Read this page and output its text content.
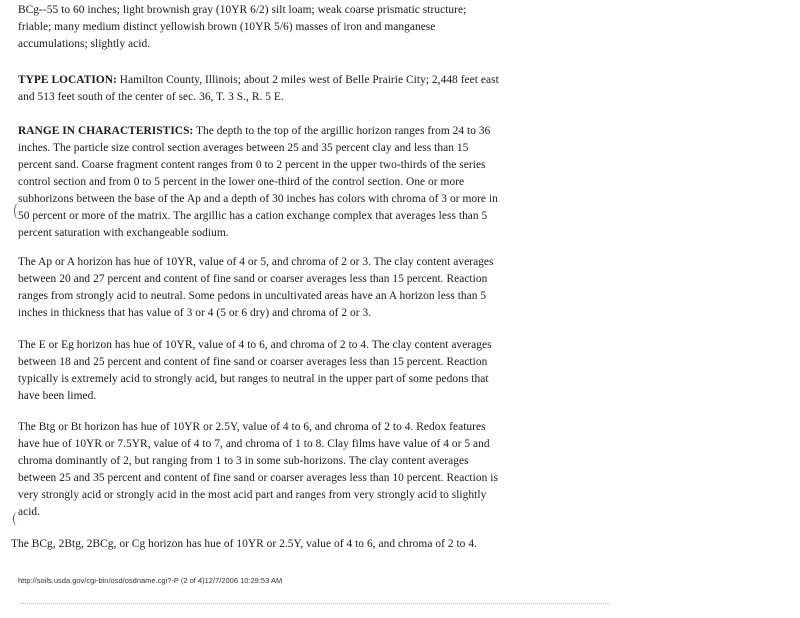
BCg--55 to 60 inches; light brownish gray (10YR 6/2) silt loam; weak coarse prismatic structure;
friable; many medium distinct yellowish brown (10YR 5/6) masses of iron and manganese
accumulations; slightly acid.
TYPE LOCATION: Hamilton County, Illinois; about 2 miles west of Belle Prairie City; 2,448 feet east
and 513 feet south of the center of sec. 36, T. 3 S., R. 5 E.
RANGE IN CHARACTERISTICS: The depth to the top of the argillic horizon ranges from 24 to 36
inches. The particle size control section averages between 25 and 35 percent clay and less than 15
percent sand. Coarse fragment content ranges from 0 to 2 percent in the upper two-thirds of the series
control section and from 0 to 5 percent in the lower one-third of the control section. One or more
subhorizons between the base of the Ap and a depth of 30 inches has colors with chroma of 3 or more in
50 percent or more of the matrix. The argillic has a cation exchange complex that averages less than 5
percent saturation with exchangeable sodium.
The Ap or A horizon has hue of 10YR, value of 4 or 5, and chroma of 2 or 3. The clay content averages
between 20 and 27 percent and content of fine sand or coarser averages less than 15 percent. Reaction
ranges from strongly acid to neutral. Some pedons in uncultivated areas have an A horizon less than 5
inches in thickness that has value of 3 or 4 (5 or 6 dry) and chroma of 2 or 3.
The E or Eg horizon has hue of 10YR, value of 4 to 6, and chroma of 2 to 4. The clay content averages
between 18 and 25 percent and content of fine sand or coarser averages less than 15 percent. Reaction
typically is extremely acid to strongly acid, but ranges to neutral in the upper part of some pedons that
have been limed.
The Btg or Bt horizon has hue of 10YR or 2.5Y, value of 4 to 6, and chroma of 2 to 4. Redox features
have hue of 10YR or 7.5YR, value of 4 to 7, and chroma of 1 to 8. Clay films have value of 4 or 5 and
chroma dominantly of 2, but ranging from 1 to 3 in some sub-horizons. The clay content averages
between 25 and 35 percent and content of fine sand or coarser averages less than 10 percent. Reaction is
very strongly acid or strongly acid in the most acid part and ranges from very strongly acid to slightly
acid.
The BCg, 2Btg, 2BCg, or Cg horizon has hue of 10YR or 2.5Y, value of 4 to 6, and chroma of 2 to 4.
http://soils.usda.gov/cgi-bin/osd/osdname.cgi?-P (2 of 4)12/7/2006 10:29:53 AM
